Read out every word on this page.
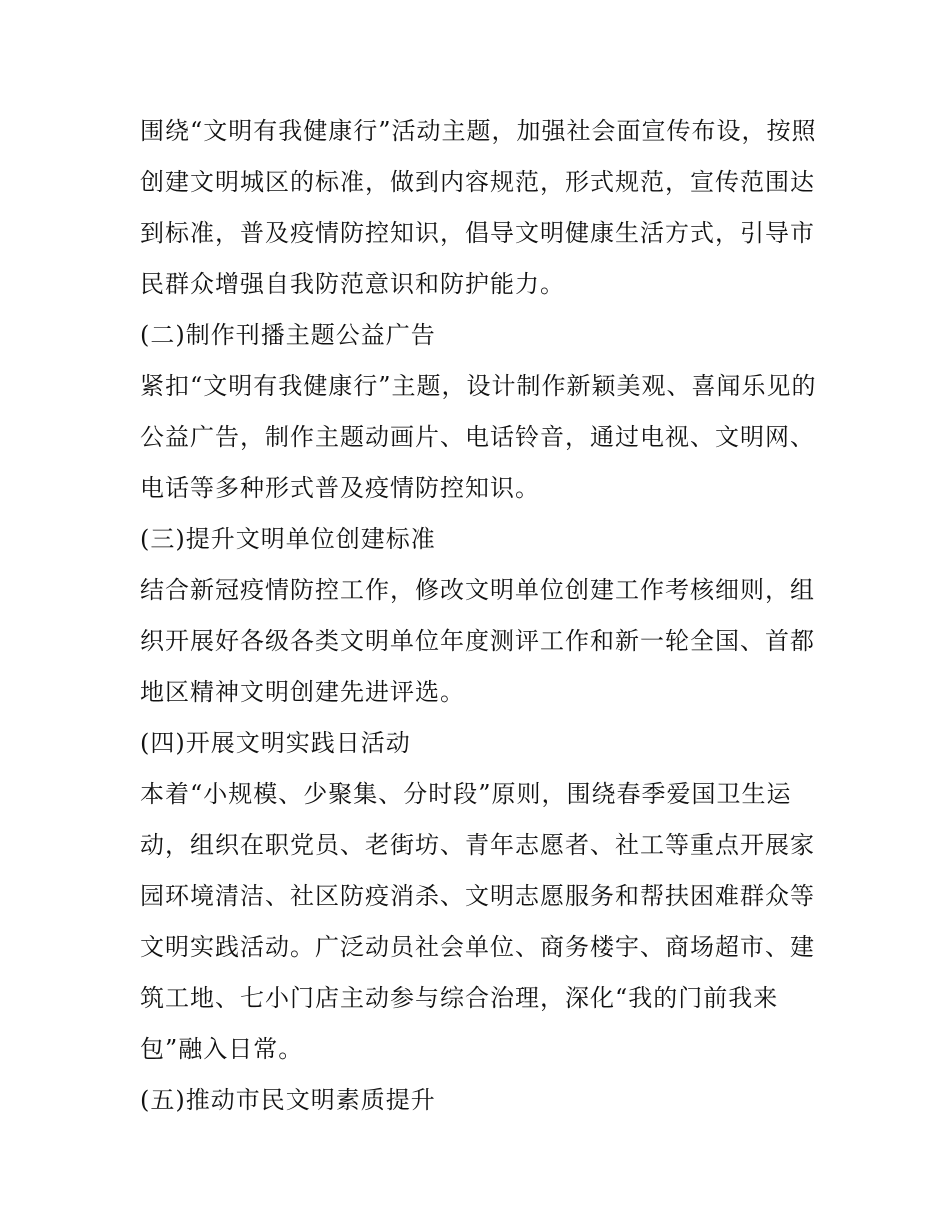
围绕“文明有我健康行”活动主题，加强社会面宣传布设，按照
创建文明城区的标准，做到内容规范，形式规范，宣传范围达
到标准，普及疫情防控知识，倡导文明健康生活方式，引导市
民群众增强自我防范意识和防护能力。
(二)制作刊播主题公益广告
紧扣“文明有我健康行”主题，设计制作新颖美观、喜闻乐见的
公益广告，制作主题动画片、电话铃音，通过电视、文明网、
电话等多种形式普及疫情防控知识。
(三)提升文明单位创建标准
结合新冠疫情防控工作，修改文明单位创建工作考核细则，组
织开展好各级各类文明单位年度测评工作和新一轮全国、首都
地区精神文明创建先进评选。
(四)开展文明实践日活动
本着“小规模、少聚集、分时段”原则，围绕春季爱国卫生运
动，组织在职党员、老街坊、青年志愿者、社工等重点开展家
园环境清洁、社区防疫消杀、文明志愿服务和帮扶困难群众等
文明实践活动。广泛动员社会单位、商务楼宇、商场超市、建
筑工地、七小门店主动参与综合治理，深化“我的门前我来
包”融入日常。
(五)推动市民文明素质提升
